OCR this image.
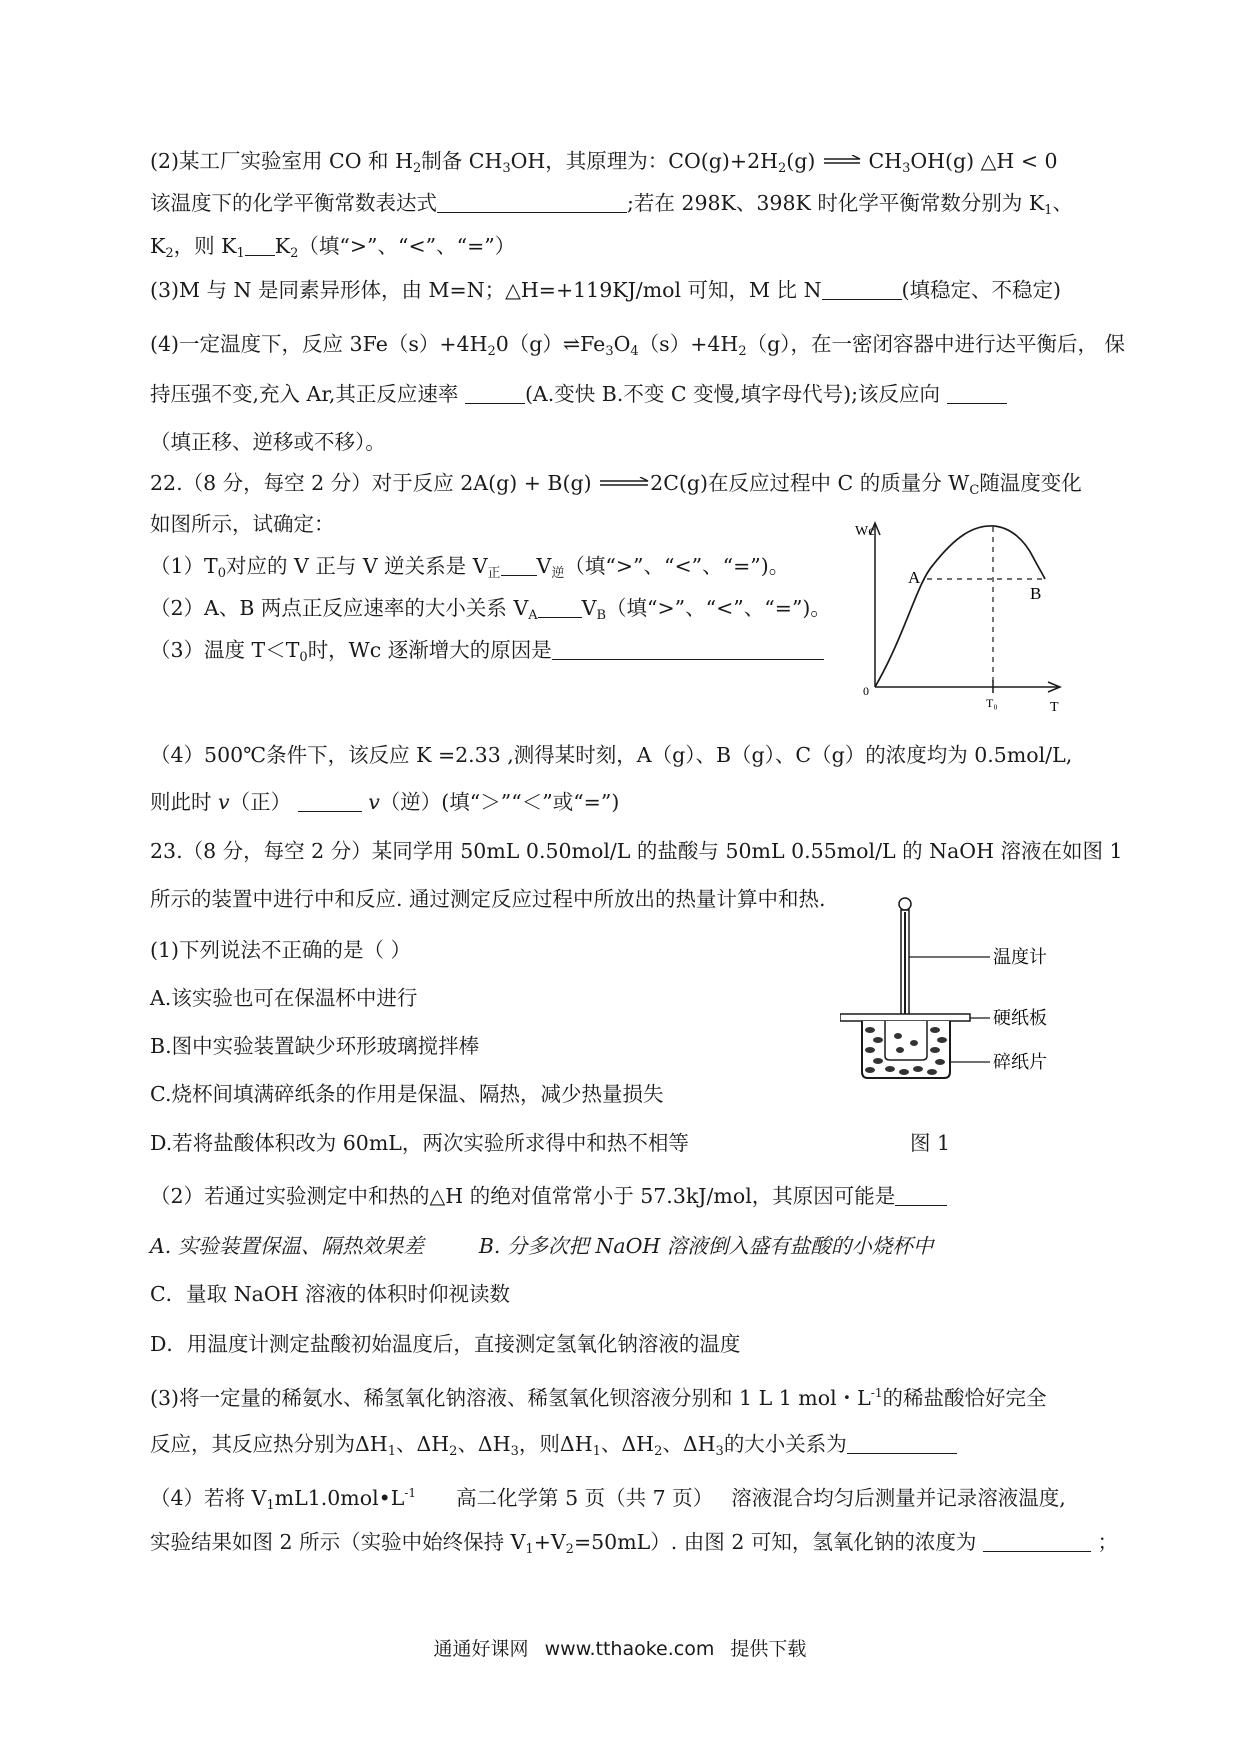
(2)某工厂实验室用 CO 和 $H_2$制备 $CH_3OH$，其原理为：$CO(g)+2H_2(g)$	$CH_3OH(g)$ △H < 0
该温度下的化学平衡常数表达式	;若在 298K、398K 时化学平衡常数分别为 $K_1$、
$K_2$，则 $K_1$ $K_2$（填“>”、“<”、“=”）
(3)M 与 N 是同素异形体，由 M=N；△H=+119KJ/mol 可知，M 比 N	(填稳定、不稳定)
(4)一定温度下，反应 $3Fe(s)+4H_20(g)\rightleftharpoons Fe_3O_4(s)+4H_2(g)$，在一密闭容器中进行达平衡后， 保
持压强不变,充入 Ar,其正反应速率	(A.变快 B.不变 C 变慢,填字母代号);该反应向
（填正移、逆移或不移）。
22.（8 分，每空 2 分）对于反应 2A(g) + B(g)	2C(g)在反应过程中 C 的质量分 $W_C$随温度变化
如图所示，试确定：
$(1)T_0$对应的 V 正与 V 逆关系是 $V_正$ $V_逆$（填“>”、“<”、“=”)。
（2）A、B 两点正反应速率的大小关系 $V_A$ $V_B$（填“>”、“<”、“=”)。
（3）温度 $T<T_0$时，Wc 逐渐增大的原因是
Wc
T
0
T₀
A
B
（4）500℃条件下，该反应 K =2.33 ,测得某时刻，A（g）、B（g）、C（g）的浓度均为 0.5mol/L,
则此时 v（正）	v（逆）(填“＞”“＜”或“=”)
23.（8 分，每空 2 分）某同学用 50mL 0.50mol/L 的盐酸与 50mL 0.55mol/L 的 NaOH 溶液在如图 1
所示的装置中进行中和反应. 通过测定反应过程中所放出的热量计算中和热.
(1)下列说法不正确的是（ ）
A.该实验也可在保温杯中进行
B.图中实验装置缺少环形玻璃搅拌棒
C.烧杯间填满碎纸条的作用是保温、隔热，减少热量损失
D.若将盐酸体积改为 60mL，两次实验所求得中和热不相等
温度计
硬纸板
碎纸片
图 1
（2）若通过实验测定中和热的△H 的绝对值常常小于 57.3kJ/mol，其原因可能是
A. 实验装置保温、隔热效果差	B. 分多次把 NaOH 溶液倒入盛有盐酸的小烧杯中
C．量取 NaOH 溶液的体积时仰视读数
D．用温度计测定盐酸初始温度后，直接测定氢氧化钠溶液的温度
(3)将一定量的稀氨水、稀氢氧化钠溶液、稀氢氧化钡溶液分别和 1 L 1 mol・$L^{-1}$的稀盐酸恰好完全
反应，其反应热分别为$\Delta H_1$、$\Delta H_2$、$\Delta H_3$，则$\Delta H_1$、$\Delta H_2$、$\Delta H_3$的大小关系为
（4）若将 $V_1mL1.0mol•L^{-1}$ 高二化学第 5 页（共 7 页） 溶液混合均匀后测量并记录溶液温度,
实验结果如图 2 所示（实验中始终保持 $V_1+V_2=50mL$）. 由图 2 可知，氢氧化钠的浓度为	；
通通好课网 www.tthaoke.com 提供下载
